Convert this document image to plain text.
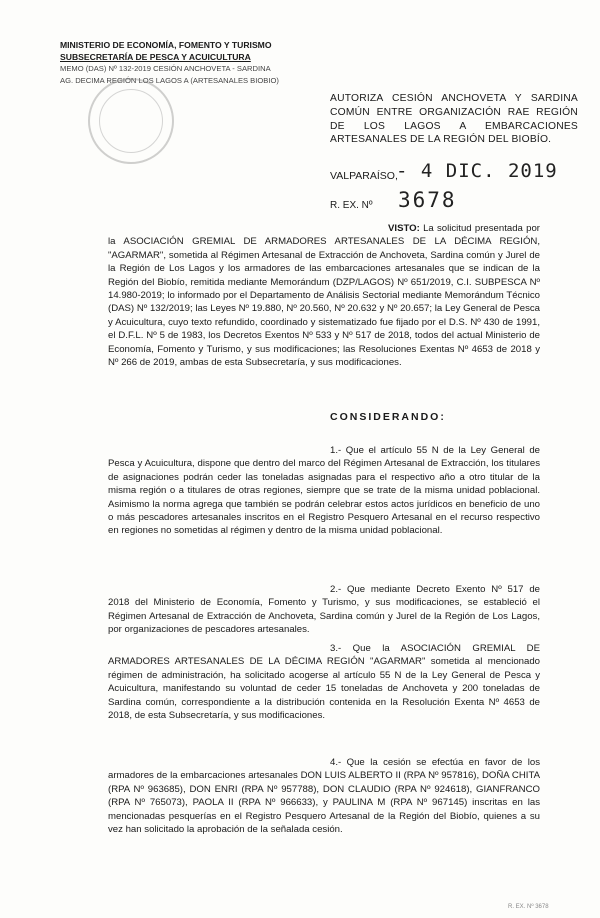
MINISTERIO DE ECONOMÍA, FOMENTO Y TURISMO
SUBSECRETARÍA DE PESCA Y ACUICULTURA
MEMO (DAS) Nº 132-2019 CESIÓN ANCHOVETA - SARDINA
AG. DECIMA REGIÓN LOS LAGOS A (ARTESANALES BIOBIO)
AUTORIZA CESIÓN ANCHOVETA Y SARDINA COMÚN ENTRE ORGANIZACIÓN RAE REGIÓN DE LOS LAGOS A EMBARCACIONES ARTESANALES DE LA REGIÓN DEL BIOBÍO.
VALPARAÍSO,
- 4 DIC. 2019
R. EX. Nº 3678

VISTO: La solicitud presentada por la ASOCIACIÓN GREMIAL DE ARMADORES ARTESANALES DE LA DÉCIMA REGIÓN, "AGARMAR", sometida al Régimen Artesanal de Extracción de Anchoveta, Sardina común y Jurel de la Región de Los Lagos y los armadores de las embarcaciones artesanales que se indican de la Región del Biobío, remitida mediante Memorándum (DZP/LAGOS) Nº 651/2019, C.I. SUBPESCA Nº 14.980-2019; lo informado por el Departamento de Análisis Sectorial mediante Memorándum Técnico (DAS) Nº 132/2019; las Leyes Nº 19.880, Nº 20.560, Nº 20.632 y Nº 20.657; la Ley General de Pesca y Acuicultura, cuyo texto refundido, coordinado y sistematizado fue fijado por el D.S. Nº 430 de 1991, el D.F.L. Nº 5 de 1983, los Decretos Exentos Nº 533 y Nº 517 de 2018, todos del actual Ministerio de Economía, Fomento y Turismo, y sus modificaciones; las Resoluciones Exentas Nº 4653 de 2018 y Nº 266 de 2019, ambas de esta Subsecretaría, y sus modificaciones.

CONSIDERANDO:

1.- Que el artículo 55 N de la Ley General de Pesca y Acuicultura, dispone que dentro del marco del Régimen Artesanal de Extracción, los titulares de asignaciones podrán ceder las toneladas asignadas para el respectivo año a otro titular de la misma región o a titulares de otras regiones, siempre que se trate de la misma unidad poblacional. Asimismo la norma agrega que también se podrán celebrar estos actos jurídicos en beneficio de uno o más pescadores artesanales inscritos en el Registro Pesquero Artesanal en el recurso respectivo en regiones no sometidas al régimen y dentro de la misma unidad poblacional.

2.- Que mediante Decreto Exento Nº 517 de 2018 del Ministerio de Economía, Fomento y Turismo, y sus modificaciones, se estableció el Régimen Artesanal de Extracción de Anchoveta, Sardina común y Jurel de la Región de Los Lagos, por organizaciones de pescadores artesanales.

3.- Que la ASOCIACIÓN GREMIAL DE ARMADORES ARTESANALES DE LA DÉCIMA REGIÓN "AGARMAR" sometida al mencionado régimen de administración, ha solicitado acogerse al artículo 55 N de la Ley General de Pesca y Acuicultura, manifestando su voluntad de ceder 15 toneladas de Anchoveta y 200 toneladas de Sardina común, correspondiente a la distribución contenida en la Resolución Exenta Nº 4653 de 2018, de esta Subsecretaría, y sus modificaciones.

4.- Que la cesión se efectúa en favor de los armadores de la embarcaciones artesanales DON LUIS ALBERTO II (RPA Nº 957816), DOÑA CHITA (RPA Nº 963685), DON ENRI (RPA Nº 957788), DON CLAUDIO (RPA Nº 924618), GIANFRANCO (RPA Nº 765073), PAOLA II (RPA Nº 966633), y PAULINA M (RPA Nº 967145) inscritas en las mencionadas pesquerías en el Registro Pesquero Artesanal de la Región del Biobío, quienes a su vez han solicitado la aprobación de la señalada cesión.

R. EX. Nº 3678
